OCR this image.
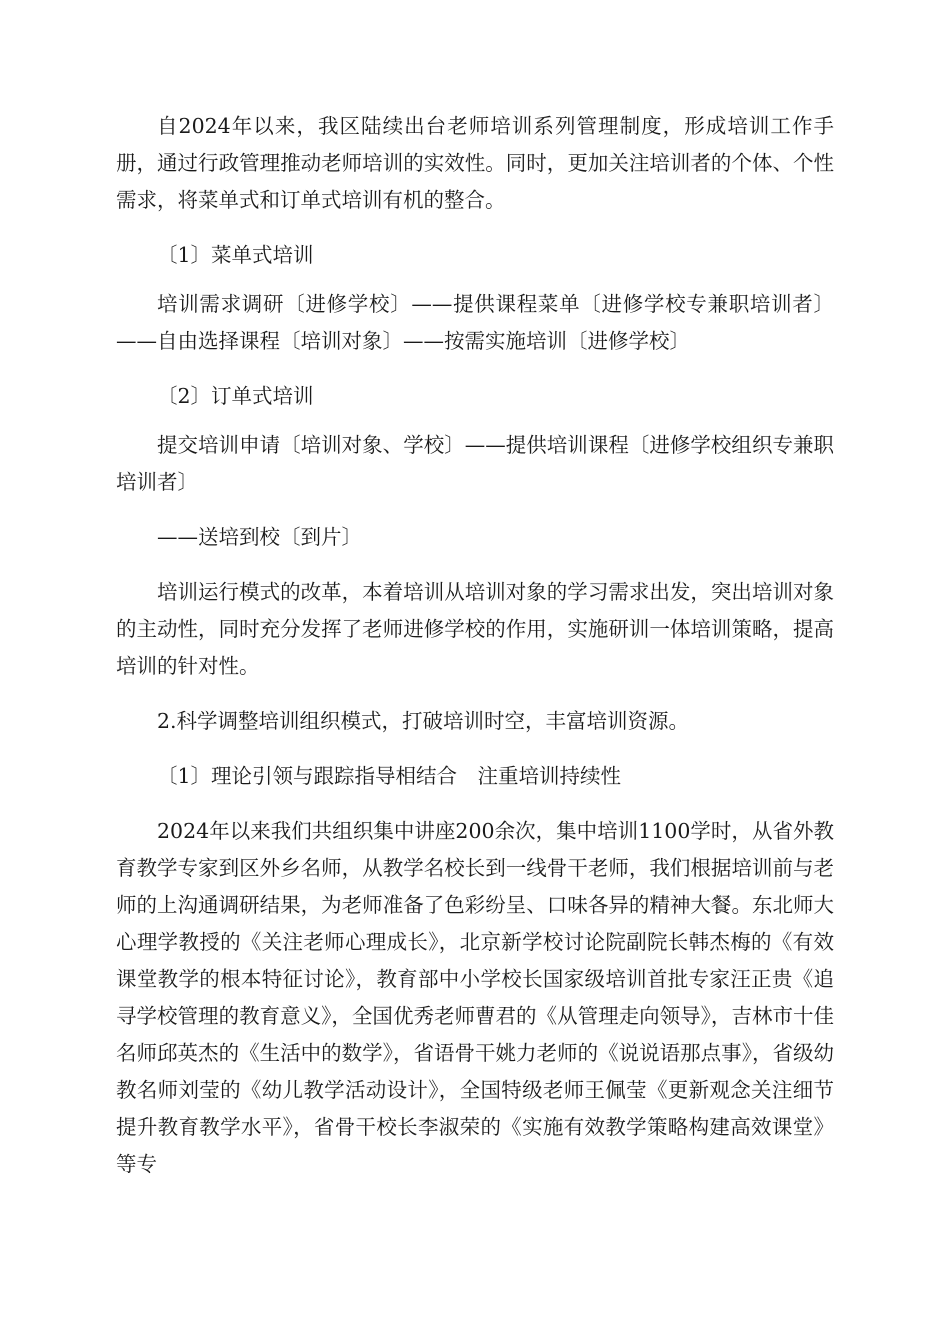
自2024年以来，我区陆续出台老师培训系列管理制度，形成培训工作手册，通过行政管理推动老师培训的实效性。同时，更加关注培训者的个体、个性需求，将菜单式和订单式培训有机的整合。

〔1〕菜单式培训

培训需求调研〔进修学校〕——提供课程菜单〔进修学校专兼职培训者〕——自由选择课程〔培训对象〕——按需实施培训〔进修学校〕

〔2〕订单式培训

提交培训申请〔培训对象、学校〕——提供培训课程〔进修学校组织专兼职培训者〕

——送培到校〔到片〕

培训运行模式的改革，本着培训从培训对象的学习需求出发，突出培训对象的主动性，同时充分发挥了老师进修学校的作用，实施研训一体培训策略，提高培训的针对性。

2.科学调整培训组织模式，打破培训时空，丰富培训资源。

〔1〕理论引领与跟踪指导相结合　注重培训持续性

2024年以来我们共组织集中讲座200余次，集中培训1100学时，从省外教育教学专家到区外乡名师，从教学名校长到一线骨干老师，我们根据培训前与老师的上沟通调研结果，为老师准备了色彩纷呈、口味各异的精神大餐。东北师大心理学教授的《关注老师心理成长》，北京新学校讨论院副院长韩杰梅的《有效课堂教学的根本特征讨论》，教育部中小学校长国家级培训首批专家汪正贵《追寻学校管理的教育意义》，全国优秀老师曹君的《从管理走向领导》，吉林市十佳名师邱英杰的《生活中的数学》，省语骨干姚力老师的《说说语那点事》，省级幼教名师刘莹的《幼儿教学活动设计》，全国特级老师王佩莹《更新观念关注细节提升教育教学水平》，省骨干校长李淑荣的《实施有效教学策略构建高效课堂》等专
